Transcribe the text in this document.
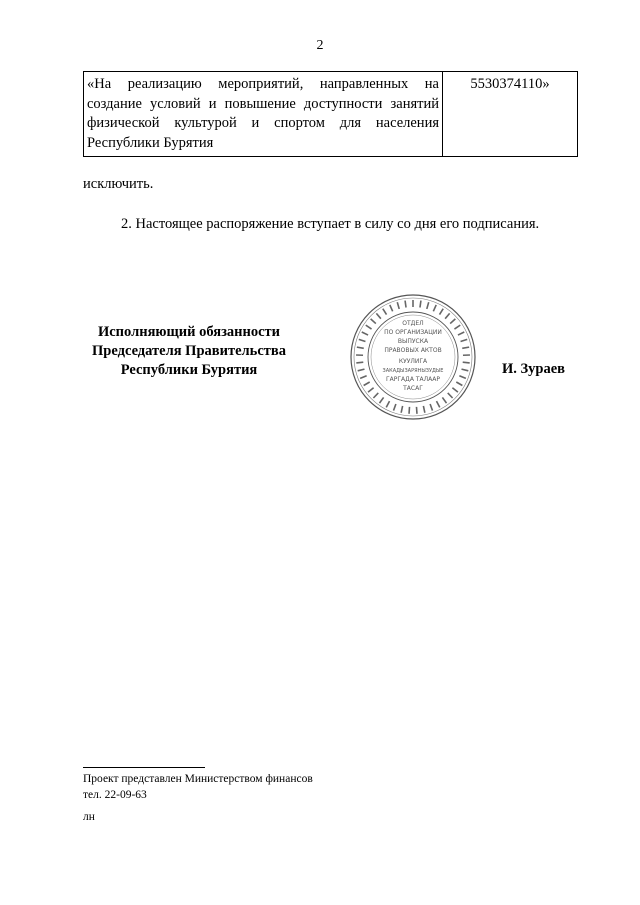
2
«На реализацию мероприятий, направленных на создание условий и повышение доступности занятий физической культурой и спортом для населения Республики Бурятия	5530374110»
исключить.
2. Настоящее распоряжение вступает в силу со дня его подписания.
Исполняющий обязанности
Председателя Правительства
Республики Бурятия
ОТДЕЛ
ПО ОРГАНИЗАЦИИ
ВЫПУСКА
ПРАВОВЫХ АКТОВ
КУУЛИГА
ЗАКАДЫЗАРЯНЫЗУДЫЕ
ГАРГАДА ТАЛААР
ТАСАГ
И. Зураев
Проект представлен Министерством финансов
тел. 22-09-63
лн
